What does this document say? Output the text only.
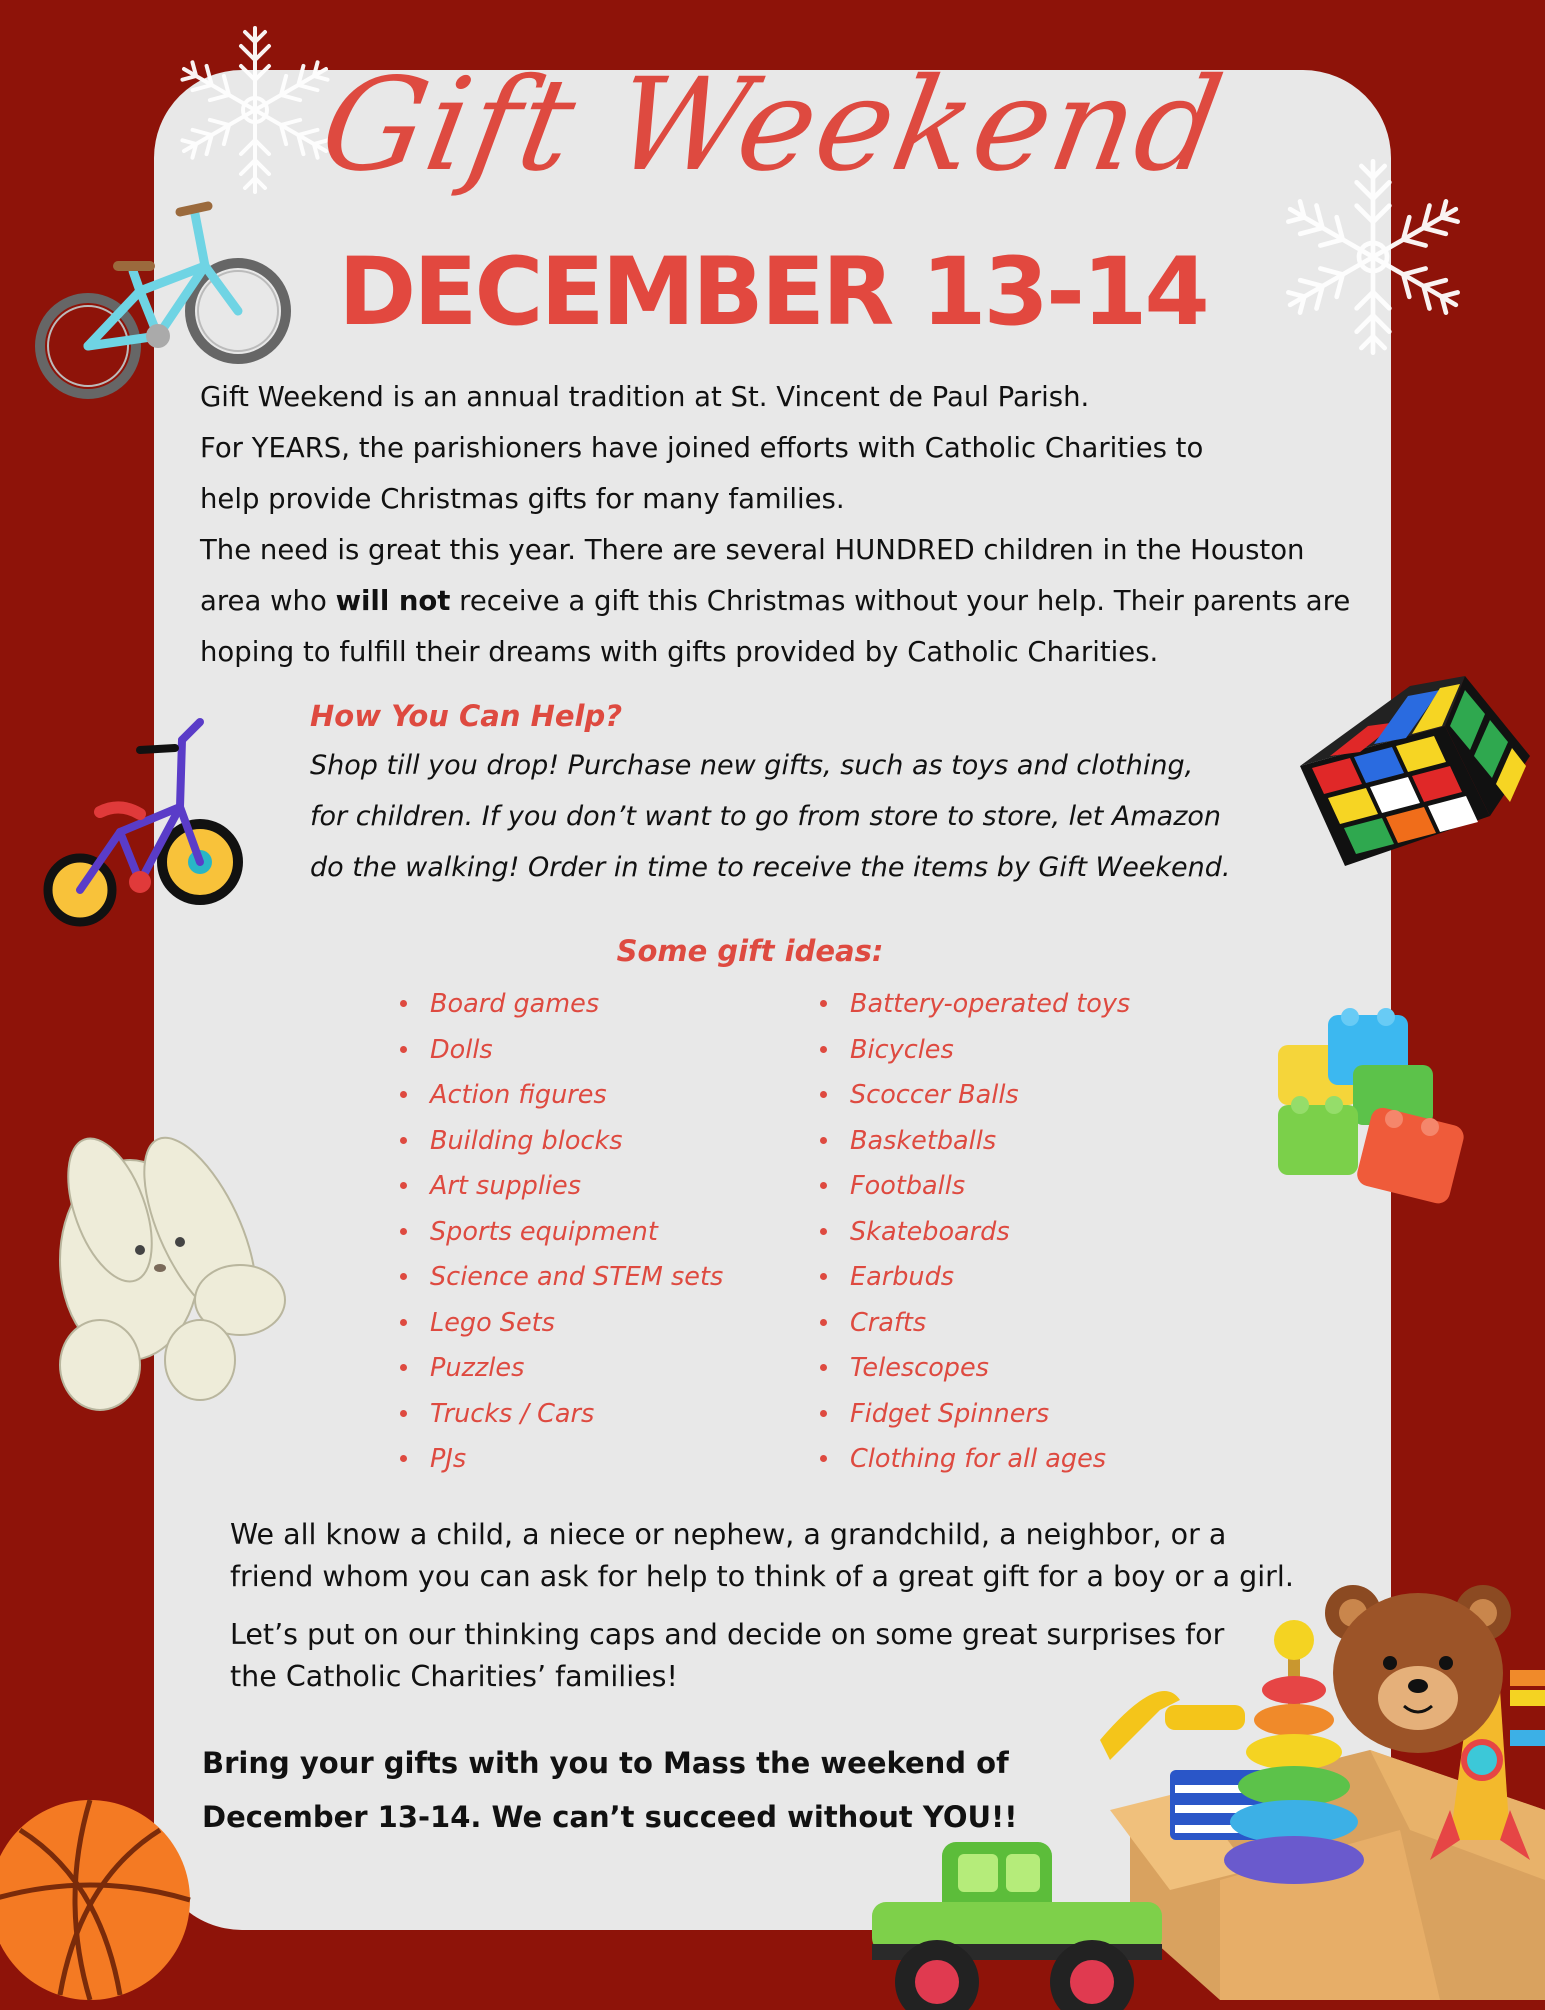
Gift Weekend
DECEMBER 13-14

Gift Weekend is an annual tradition at St. Vincent de Paul Parish.

For YEARS, the parishioners have joined efforts with Catholic Charities to

help provide Christmas gifts for many families.

The need is great this year. There are several HUNDRED children in the Houston

area who will not receive a gift this Christmas without your help. Their parents are

hoping to fulfill their dreams with gifts provided by Catholic Charities.

How You Can Help?
Shop till you drop! Purchase new gifts, such as toys and clothing,
for children. If you don’t want to go from store to store, let Amazon
do the walking! Order in time to receive the items by Gift Weekend.
Some gift ideas:
Board games
Dolls
Action figures
Building blocks
Art supplies
Sports equipment
Science and STEM sets
Lego Sets
Puzzles
Trucks / Cars
PJs
Battery-operated toys
Bicycles
Scoccer Balls
Basketballs
Footballs
Skateboards
Earbuds
Crafts
Telescopes
Fidget Spinners
Clothing for all ages

We all know a child, a niece or nephew, a grandchild, a neighbor, or a
friend whom you can ask for help to think of a great gift for a boy or a girl.

Let’s put on our thinking caps and decide on some great surprises for
the Catholic Charities’ families!

Bring your gifts with you to Mass the weekend of
December 13-14. We can’t succeed without YOU!!
